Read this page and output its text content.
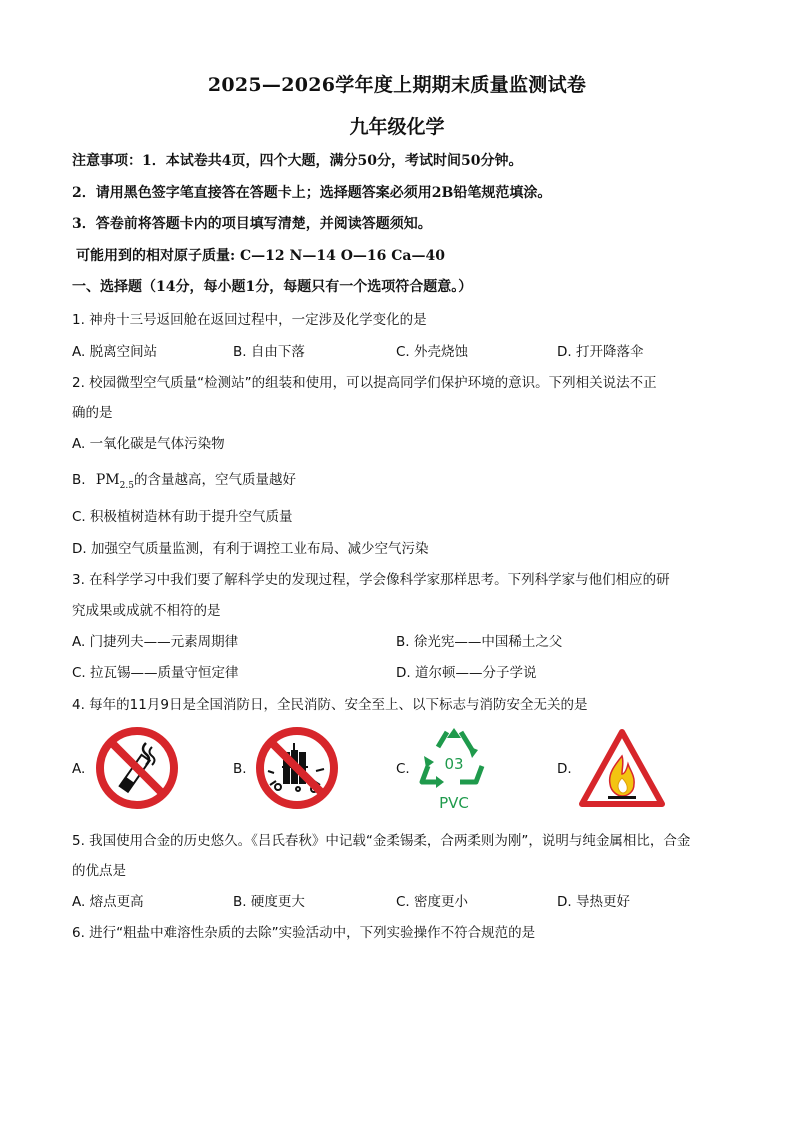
2025—2026学年度上期期末质量监测试卷
九年级化学
注意事项：1．本试卷共4页，四个大题，满分50分，考试时间50分钟。
2．请用黑色签字笔直接答在答题卡上；选择题答案必须用2B铅笔规范填涂。
3．答卷前将答题卡内的项目填写清楚，并阅读答题须知。
可能用到的相对原子质量: C—12 N—14 O—16 Ca—40
一、选择题（14分，每小题1分，每题只有一个选项符合题意。）
1. 神舟十三号返回舱在返回过程中，一定涉及化学变化的是
A. 脱离空间站	B. 自由下落	C. 外壳烧蚀	D. 打开降落伞
2. 校园微型空气质量“检测站”的组装和使用，可以提高同学们保护环境的意识。下列相关说法不正
确的是
A. 一氧化碳是气体污染物
B. $PM_{2.5}$的含量越高，空气质量越好
C. 积极植树造林有助于提升空气质量
D. 加强空气质量监测，有利于调控工业布局、减少空气污染
3. 在科学学习中我们要了解科学史的发现过程，学会像科学家那样思考。下列科学家与他们相应的研
究成果或成就不相符的是
A. 门捷列夫——元素周期律	B. 徐光宪——中国稀土之父
C. 拉瓦锡——质量守恒定律	D. 道尔顿——分子学说
4. 每年的11月9日是全国消防日，全民消防、安全至上、以下标志与消防安全无关的是
A.	B.	C. 03
PVC
D.
5. 我国使用合金的历史悠久。《吕氏春秋》中记载“金柔锡柔，合两柔则为刚”，说明与纯金属相比，合金
的优点是
A. 熔点更高	B. 硬度更大	C. 密度更小	D. 导热更好
6. 进行“粗盐中难溶性杂质的去除”实验活动中，下列实验操作不符合规范的是
